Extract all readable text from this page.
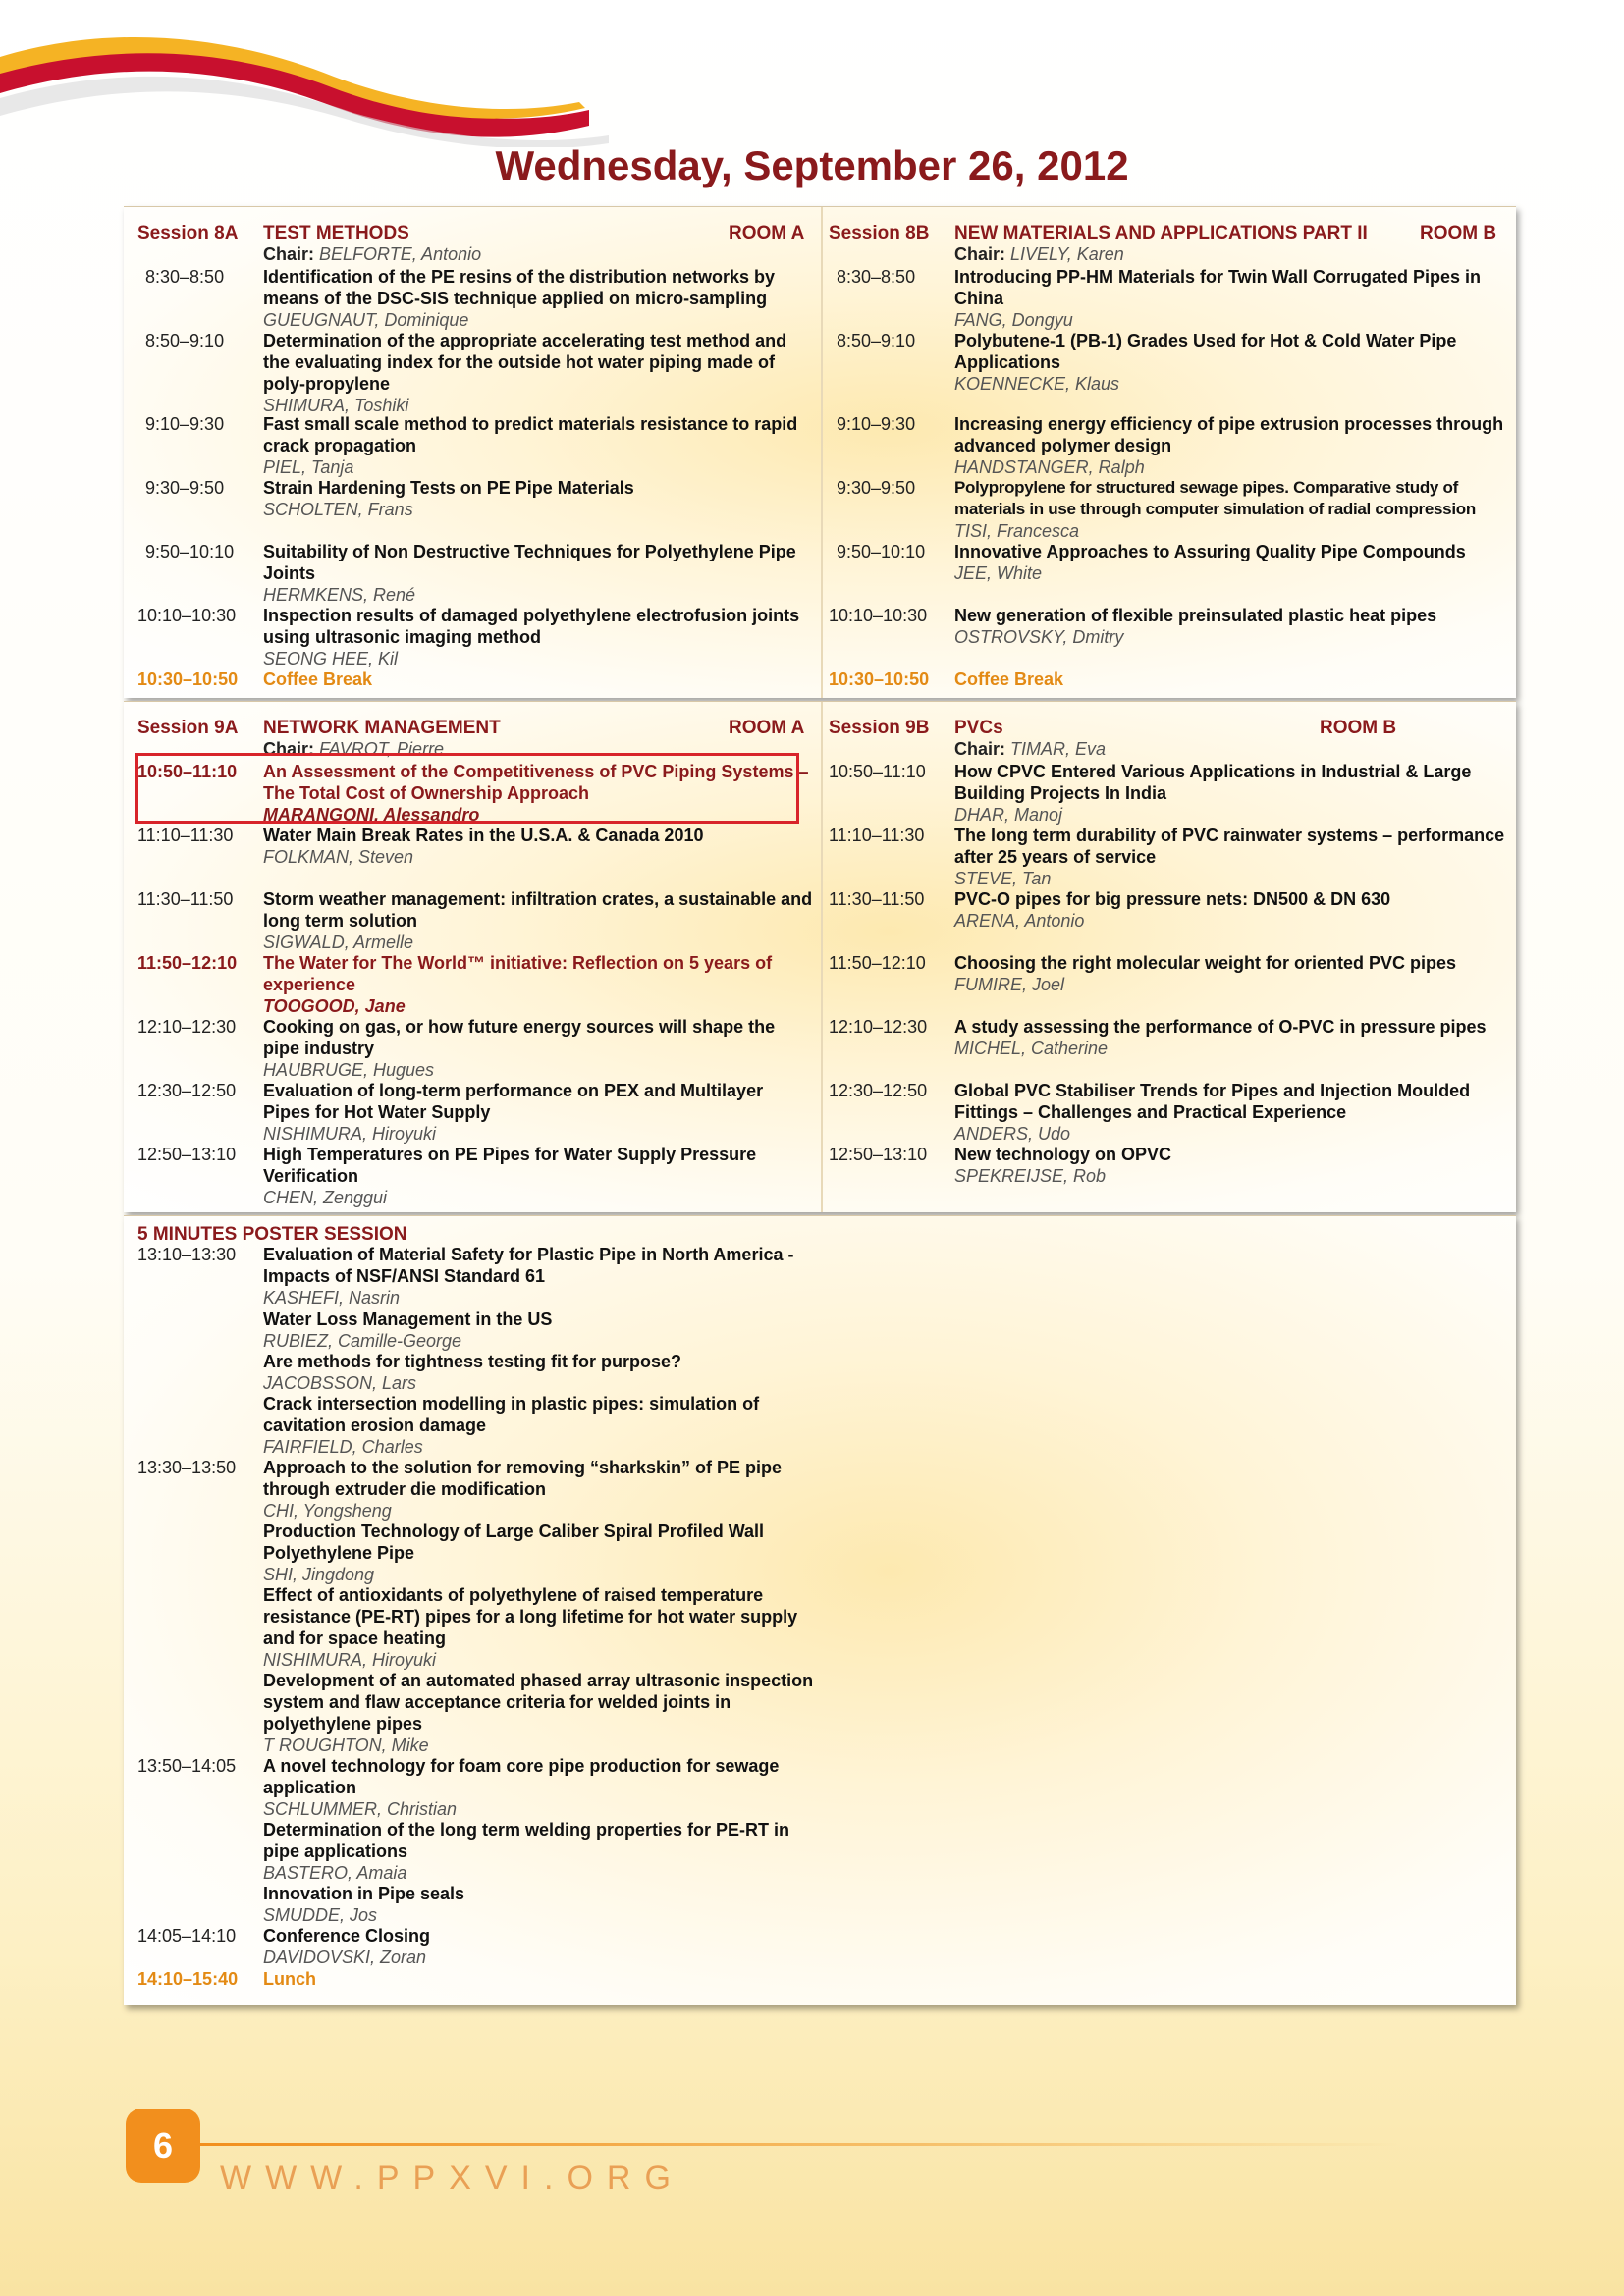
Wednesday, September 26, 2012
Session 8A TEST METHODS	ROOM A
Chair: BELFORTE, Antonio
8:30–8:50 Identification of the PE resins of the distribution networks by means of the DSC-SIS technique applied on micro-sampling
GUEUGNAUT, Dominique
8:50–9:10 Determination of the appropriate accelerating test method and the evaluating index for the outside hot water piping made of poly-propylene
SHIMURA, Toshiki
9:10–9:30 Fast small scale method to predict materials resistance to rapid crack propagation
PIEL, Tanja
9:30–9:50 Strain Hardening Tests on PE Pipe Materials
SCHOLTEN, Frans
9:50–10:10 Suitability of Non Destructive Techniques for Polyethylene Pipe Joints
HERMKENS, René
10:10–10:30 Inspection results of damaged polyethylene electrofusion joints using ultrasonic imaging method
SEONG HEE, Kil
10:30–10:50 Coffee Break
Session 8B NEW MATERIALS AND APPLICATIONS PART II	ROOM B
Chair: LIVELY, Karen
8:30–8:50 Introducing PP-HM Materials for Twin Wall Corrugated Pipes in China
FANG, Dongyu
8:50–9:10 Polybutene-1 (PB-1) Grades Used for Hot & Cold Water Pipe Applications
KOENNECKE, Klaus
9:10–9:30 Increasing energy efficiency of pipe extrusion processes through advanced polymer design
HANDSTANGER, Ralph
9:30–9:50 Polypropylene for structured sewage pipes. Comparative study of materials in use through computer simulation of radial compression
TISI, Francesca
9:50–10:10 Innovative Approaches to Assuring Quality Pipe Compounds
JEE, White
10:10–10:30 New generation of flexible preinsulated plastic heat pipes
OSTROVSKY, Dmitry
10:30–10:50 Coffee Break
Session 9A NETWORK MANAGEMENT	ROOM A
Chair: FAVROT, Pierre
10:50–11:10 An Assessment of the Competitiveness of PVC Piping Systems – The Total Cost of Ownership Approach
MARANGONI, Alessandro
11:10–11:30 Water Main Break Rates in the U.S.A. & Canada 2010
FOLKMAN, Steven
11:30–11:50 Storm weather management: infiltration crates, a sustainable and long term solution
SIGWALD, Armelle
11:50–12:10 The Water for The World™ initiative: Reflection on 5 years of experience
TOOGOOD, Jane
12:10–12:30 Cooking on gas, or how future energy sources will shape the pipe industry
HAUBRUGE, Hugues
12:30–12:50 Evaluation of long-term performance on PEX and Multilayer Pipes for Hot Water Supply
NISHIMURA, Hiroyuki
12:50–13:10 High Temperatures on PE Pipes for Water Supply Pressure Verification
CHEN, Zenggui
Session 9B PVCs	ROOM B
Chair: TIMAR, Eva
10:50–11:10 How CPVC Entered Various Applications in Industrial & Large Building Projects In India
DHAR, Manoj
11:10–11:30 The long term durability of PVC rainwater systems – performance after 25 years of service
STEVE, Tan
11:30–11:50 PVC-O pipes for big pressure nets: DN500 & DN 630
ARENA, Antonio
11:50–12:10 Choosing the right molecular weight for oriented PVC pipes
FUMIRE, Joel
12:10–12:30 A study assessing the performance of O-PVC in pressure pipes
MICHEL, Catherine
12:30–12:50 Global PVC Stabiliser Trends for Pipes and Injection Moulded Fittings – Challenges and Practical Experience
ANDERS, Udo
12:50–13:10 New technology on OPVC
SPEKREIJSE, Rob
5 MINUTES POSTER SESSION
13:10–13:30 Evaluation of Material Safety for Plastic Pipe in North America - Impacts of NSF/ANSI Standard 61
KASHEFI, Nasrin
Water Loss Management in the US
RUBIEZ, Camille-George
Are methods for tightness testing fit for purpose?
JACOBSSON, Lars
Crack intersection modelling in plastic pipes: simulation of cavitation erosion damage
FAIRFIELD, Charles
13:30–13:50 Approach to the solution for removing “sharkskin” of PE pipe through extruder die modification
CHI, Yongsheng
Production Technology of Large Caliber Spiral Profiled Wall Polyethylene Pipe
SHI, Jingdong
Effect of antioxidants of polyethylene of raised temperature resistance (PE-RT) pipes for a long lifetime for hot water supply and for space heating
NISHIMURA, Hiroyuki
Development of an automated phased array ultrasonic inspection system and flaw acceptance criteria for welded joints in polyethylene pipes
T ROUGHTON, Mike
13:50–14:05 A novel technology for foam core pipe production for sewage application
SCHLUMMER, Christian
Determination of the long term welding properties for PE-RT in pipe applications
BASTERO, Amaia
Innovation in Pipe seals
SMUDDE, Jos
14:05–14:10 Conference Closing
DAVIDOVSKI, Zoran
14:10–15:40 Lunch
6
WWW.PPXVI.ORG
